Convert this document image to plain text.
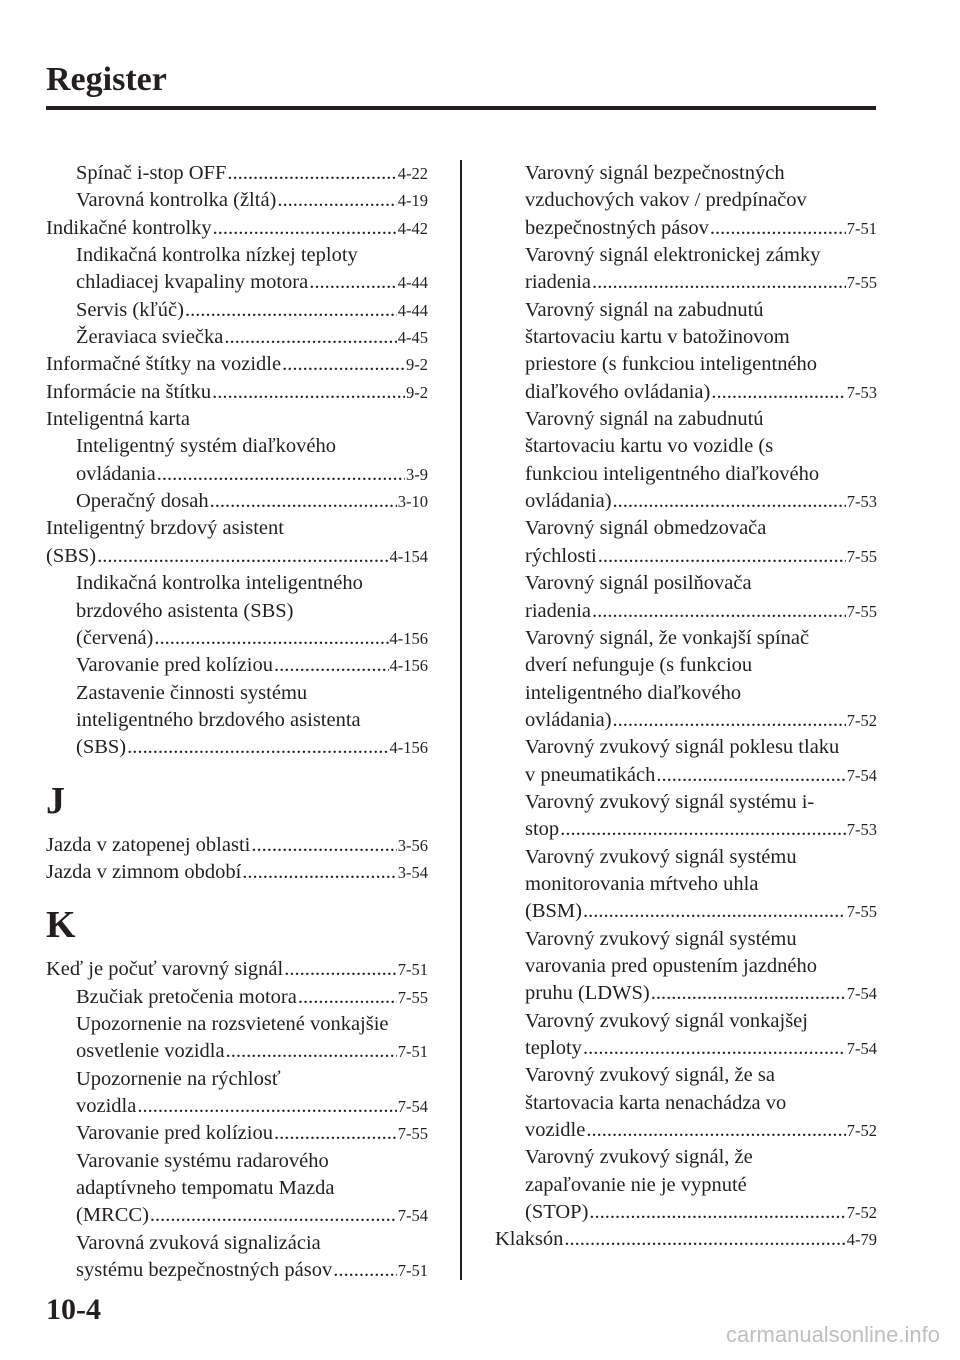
Register
Spínač i-stop OFF .....	4-22
Varovná kontrolka (žltá) .....	4-19
Indikačné kontrolky .....	4-42
Indikačná kontrolka nízkej teploty
chladiacej kvapaliny motora .....	4-44
Servis (kľúč) .....	4-44
Žeraviaca sviečka .....	4-45
Informačné štítky na vozidle .....	9-2
Informácie na štítku .....	9-2
Inteligentná karta
Inteligentný systém diaľkového
ovládania .....	3-9
Operačný dosah .....	3-10
Inteligentný brzdový asistent
(SBS) .....	4-154
Indikačná kontrolka inteligentného
brzdového asistenta (SBS)
(červená) .....	4-156
Varovanie pred kolíziou .....	4-156
Zastavenie činnosti systému
inteligentného brzdového asistenta
(SBS) .....	4-156
J
Jazda v zatopenej oblasti .....	3-56
Jazda v zimnom období .....	3-54
K
Keď je počuť varovný signál .....	7-51
Bzučiak pretočenia motora .....	7-55
Upozornenie na rozsvietené vonkajšie
osvetlenie vozidla .....	7-51
Upozornenie na rýchlosť
vozidla .....	7-54
Varovanie pred kolíziou .....	7-55
Varovanie systému radarového
adaptívneho tempomatu Mazda
(MRCC) .....	7-54
Varovná zvuková signalizácia
systému bezpečnostných pásov .....	7-51
Varovný signál bezpečnostných
vzduchových vakov / predpínačov
bezpečnostných pásov .....	7-51
Varovný signál elektronickej zámky
riadenia .....	7-55
Varovný signál na zabudnutú
štartovaciu kartu v batožinovom
priestore (s funkciou inteligentného
diaľkového ovládania) .....	7-53
Varovný signál na zabudnutú
štartovaciu kartu vo vozidle (s
funkciou inteligentného diaľkového
ovládania) .....	7-53
Varovný signál obmedzovača
rýchlosti .....	7-55
Varovný signál posilňovača
riadenia .....	7-55
Varovný signál, že vonkajší spínač
dverí nefunguje (s funkciou
inteligentného diaľkového
ovládania) .....	7-52
Varovný zvukový signál poklesu tlaku
v pneumatikách .....	7-54
Varovný zvukový signál systému i-
stop .....	7-53
Varovný zvukový signál systému
monitorovania mŕtveho uhla
(BSM) .....	7-55
Varovný zvukový signál systému
varovania pred opustením jazdného
pruhu (LDWS) .....	7-54
Varovný zvukový signál vonkajšej
teploty .....	7-54
Varovný zvukový signál, že sa
štartovacia karta nenachádza vo
vozidle .....	7-52
Varovný zvukový signál, že
zapaľovanie nie je vypnuté
(STOP) .....	7-52
Klaksón .....	4-79
10-4
carmanualsonline.info
